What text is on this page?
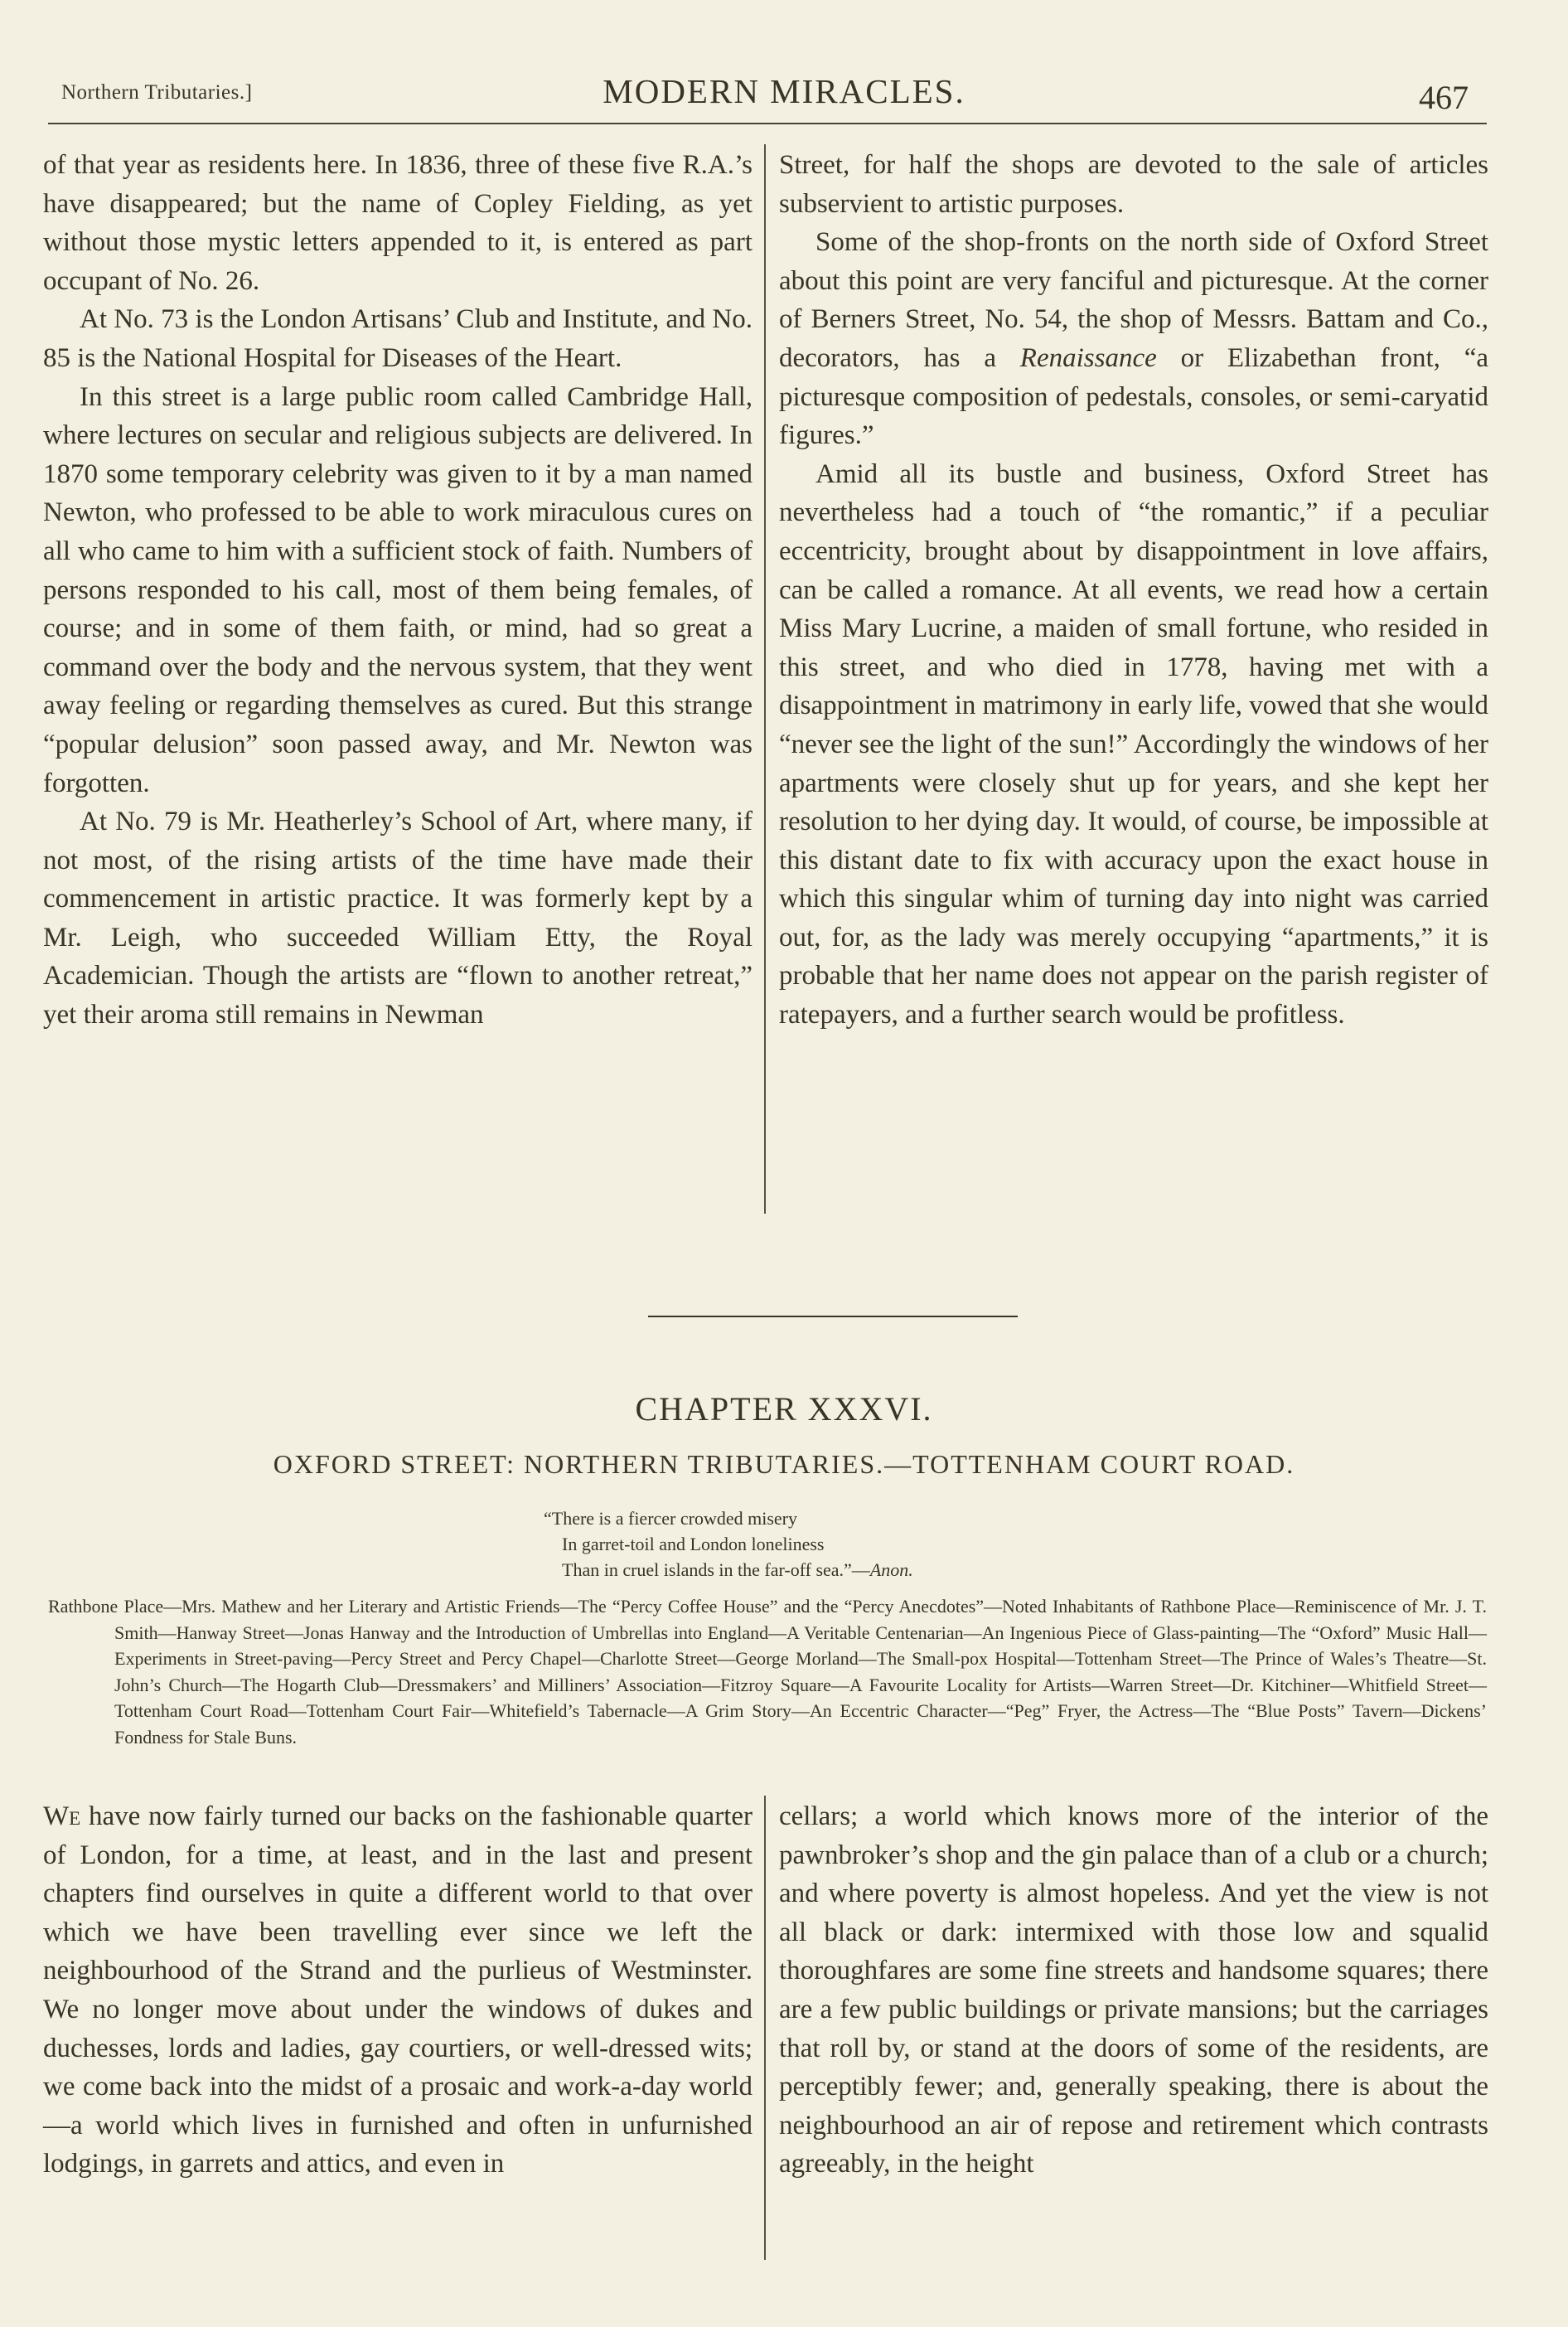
Northern Tributaries.]	MODERN MIRACLES.	467

of that year as residents here. In 1836, three of these five R.A.’s have disappeared; but the name of Copley Fielding, as yet without those mystic letters appended to it, is entered as part occupant of No. 26.

At No. 73 is the London Artisans’ Club and Institute, and No. 85 is the National Hospital for Diseases of the Heart.

In this street is a large public room called Cambridge Hall, where lectures on secular and religious subjects are delivered. In 1870 some temporary celebrity was given to it by a man named Newton, who professed to be able to work miraculous cures on all who came to him with a sufficient stock of faith. Numbers of persons responded to his call, most of them being females, of course; and in some of them faith, or mind, had so great a command over the body and the nervous system, that they went away feeling or regarding themselves as cured. But this strange “popular delusion” soon passed away, and Mr. Newton was forgotten.

At No. 79 is Mr. Heatherley’s School of Art, where many, if not most, of the rising artists of the time have made their commencement in artistic practice. It was formerly kept by a Mr. Leigh, who succeeded William Etty, the Royal Academician. Though the artists are “flown to another retreat,” yet their aroma still remains in Newman

Street, for half the shops are devoted to the sale of articles subservient to artistic purposes.

Some of the shop-fronts on the north side of Oxford Street about this point are very fanciful and picturesque. At the corner of Berners Street, No. 54, the shop of Messrs. Battam and Co., decorators, has a Renaissance or Elizabethan front, “a picturesque composition of pedestals, consoles, or semi-caryatid figures.”

Amid all its bustle and business, Oxford Street has nevertheless had a touch of “the romantic,” if a peculiar eccentricity, brought about by disappointment in love affairs, can be called a romance. At all events, we read how a certain Miss Mary Lucrine, a maiden of small fortune, who resided in this street, and who died in 1778, having met with a disappointment in matrimony in early life, vowed that she would “never see the light of the sun!” Accordingly the windows of her apartments were closely shut up for years, and she kept her resolution to her dying day. It would, of course, be impossible at this distant date to fix with accuracy upon the exact house in which this singular whim of turning day into night was carried out, for, as the lady was merely occupying “apartments,” it is probable that her name does not appear on the parish register of ratepayers, and a further search would be profitless.

CHAPTER XXXVI.
OXFORD STREET: NORTHERN TRIBUTARIES.—TOTTENHAM COURT ROAD.
“There is a fiercer crowded misery
In garret-toil and London loneliness
Than in cruel islands in the far-off sea.”—Anon.
Rathbone Place—Mrs. Mathew and her Literary and Artistic Friends—The “Percy Coffee House” and the “Percy Anecdotes”—Noted Inhabitants of Rathbone Place—Reminiscence of Mr. J. T. Smith—Hanway Street—Jonas Hanway and the Introduction of Umbrellas into England—A Veritable Centenarian—An Ingenious Piece of Glass-painting—The “Oxford” Music Hall—Experiments in Street-paving—Percy Street and Percy Chapel—Charlotte Street—George Morland—The Small-pox Hospital—Tottenham Street—The Prince of Wales’s Theatre—St. John’s Church—The Hogarth Club—Dressmakers’ and Milliners’ Association—Fitzroy Square—A Favourite Locality for Artists—Warren Street—Dr. Kitchiner—Whitfield Street—Tottenham Court Road—Tottenham Court Fair—Whitefield’s Tabernacle—A Grim Story—An Eccentric Character—“Peg” Fryer, the Actress—The “Blue Posts” Tavern—Dickens’ Fondness for Stale Buns.

We have now fairly turned our backs on the fashionable quarter of London, for a time, at least, and in the last and present chapters find ourselves in quite a different world to that over which we have been travelling ever since we left the neighbourhood of the Strand and the purlieus of Westminster. We no longer move about under the windows of dukes and duchesses, lords and ladies, gay courtiers, or well-dressed wits; we come back into the midst of a prosaic and work-a-day world—a world which lives in furnished and often in unfurnished lodgings, in garrets and attics, and even in

cellars; a world which knows more of the interior of the pawnbroker’s shop and the gin palace than of a club or a church; and where poverty is almost hopeless. And yet the view is not all black or dark: intermixed with those low and squalid thoroughfares are some fine streets and handsome squares; there are a few public buildings or private mansions; but the carriages that roll by, or stand at the doors of some of the residents, are perceptibly fewer; and, generally speaking, there is about the neighbourhood an air of repose and retirement which contrasts agreeably, in the height
